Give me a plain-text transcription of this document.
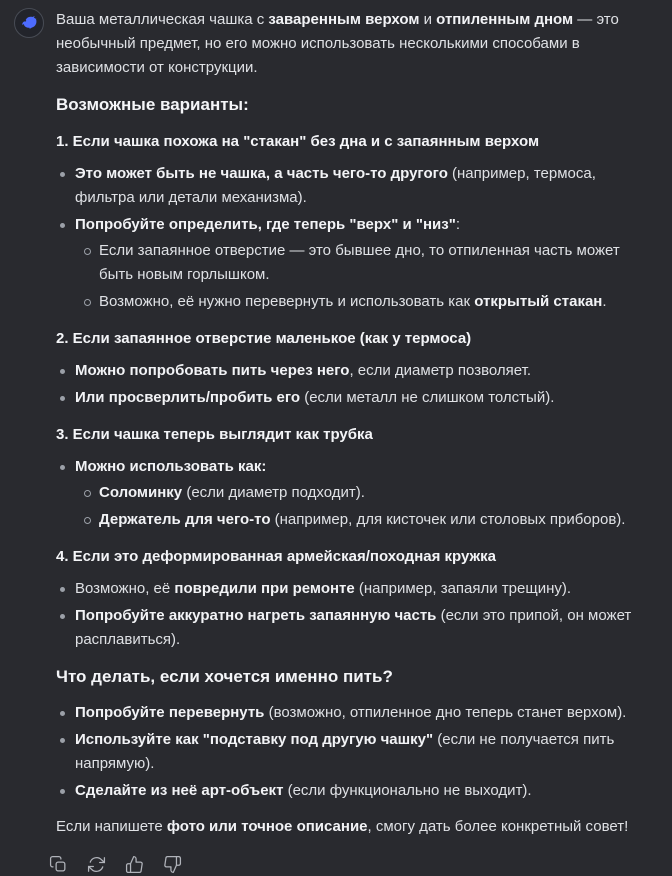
Ваша металлическая чашка с заваренным верхом и отпиленным дном — это необычный предмет, но его можно использовать несколькими способами в зависимости от конструкции.

Возможные варианты:
1. Если чашка похожа на "стакан" без дна и с запаянным верхом
Это может быть не чашка, а часть чего-то другого (например, термоса, фильтра или детали механизма).
Попробуйте определить, где теперь "верх" и "низ":
Если запаянное отверстие — это бывшее дно, то отпиленная часть может быть новым горлышком.
Возможно, её нужно перевернуть и использовать как открытый стакан.
2. Если запаянное отверстие маленькое (как у термоса)
Можно попробовать пить через него, если диаметр позволяет.
Или просверлить/пробить его (если металл не слишком толстый).
3. Если чашка теперь выглядит как трубка
Можно использовать как:
Соломинку (если диаметр подходит).
Держатель для чего-то (например, для кисточек или столовых приборов).
4. Если это деформированная армейская/походная кружка
Возможно, её повредили при ремонте (например, запаяли трещину).
Попробуйте аккуратно нагреть запаянную часть (если это припой, он может расплавиться).
Что делать, если хочется именно пить?
Попробуйте перевернуть (возможно, отпиленное дно теперь станет верхом).
Используйте как "подставку под другую чашку" (если не получается пить напрямую).
Сделайте из неё арт-объект (если функционально не выходит).

Если напишете фото или точное описание, смогу дать более конкретный совет!
